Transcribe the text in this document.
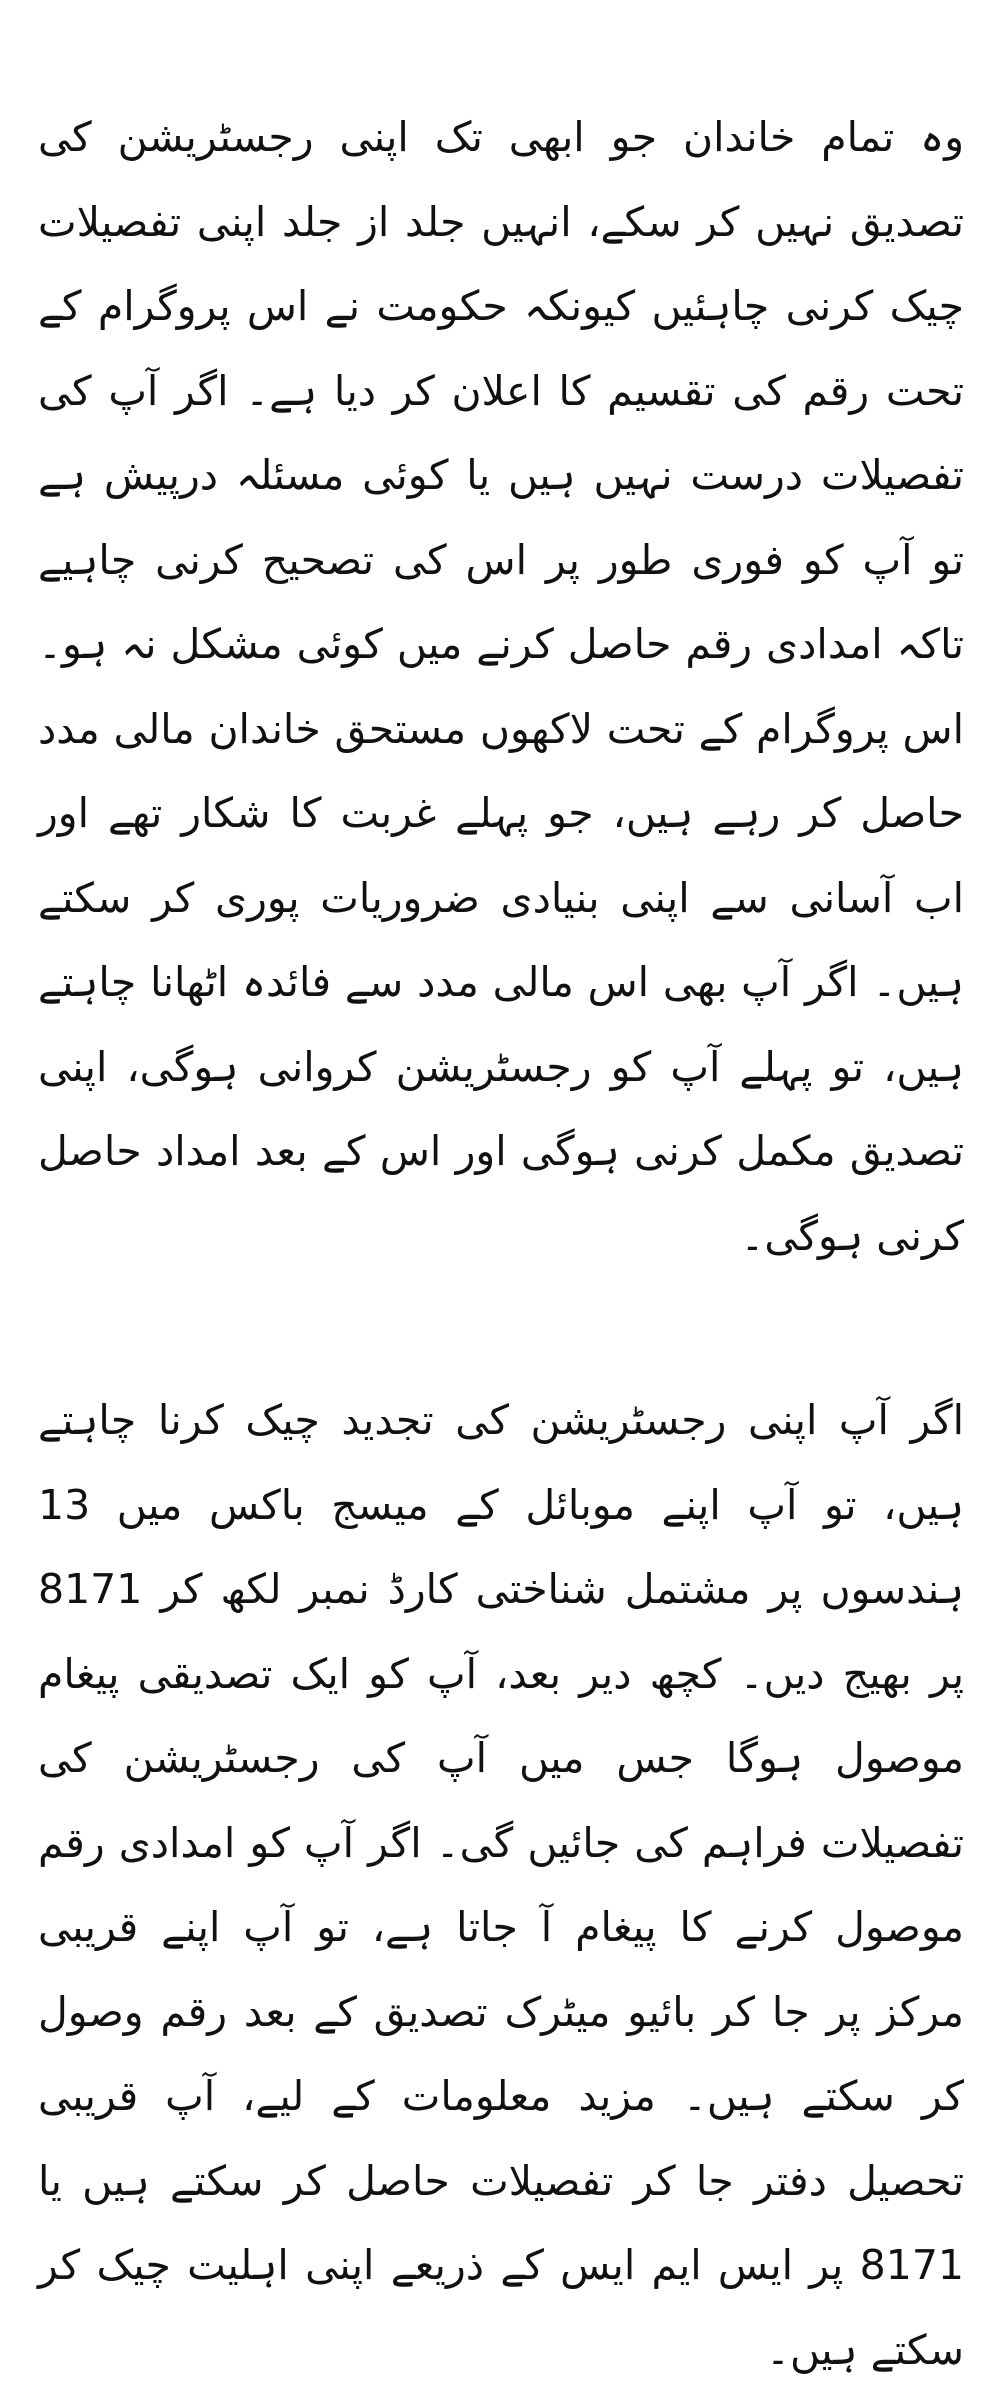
وہ تمام خاندان جو ابھی تک اپنی رجسٹریشن کی تصدیق نہیں کر سکے، انہیں جلد از جلد اپنی تفصیلات چیک کرنی چاہئیں کیونکہ حکومت نے اس پروگرام کے تحت رقم کی تقسیم کا اعلان کر دیا ہے۔ اگر آپ کی تفصیلات درست نہیں ہیں یا کوئی مسئلہ درپیش ہے تو آپ کو فوری طور پر اس کی تصحیح کرنی چاہیے تاکہ امدادی رقم حاصل کرنے میں کوئی مشکل نہ ہو۔ اس پروگرام کے تحت لاکھوں مستحق خاندان مالی مدد حاصل کر رہے ہیں، جو پہلے غربت کا شکار تھے اور اب آسانی سے اپنی بنیادی ضروریات پوری کر سکتے ہیں۔ اگر آپ بھی اس مالی مدد سے فائدہ اٹھانا چاہتے ہیں، تو پہلے آپ کو رجسٹریشن کروانی ہوگی، اپنی تصدیق مکمل کرنی ہوگی اور اس کے بعد امداد حاصل کرنی ہوگی۔

اگر آپ اپنی رجسٹریشن کی تجدید چیک کرنا چاہتے ہیں، تو آپ اپنے موبائل کے میسج باکس میں 13 ہندسوں پر مشتمل شناختی کارڈ نمبر لکھ کر 8171 پر بھیج دیں۔ کچھ دیر بعد، آپ کو ایک تصدیقی پیغام موصول ہوگا جس میں آپ کی رجسٹریشن کی تفصیلات فراہم کی جائیں گی۔ اگر آپ کو امدادی رقم موصول کرنے کا پیغام آ جاتا ہے، تو آپ اپنے قریبی مرکز پر جا کر بائیو میٹرک تصدیق کے بعد رقم وصول کر سکتے ہیں۔ مزید معلومات کے لیے، آپ قریبی تحصیل دفتر جا کر تفصیلات حاصل کر سکتے ہیں یا 8171 پر ایس ایم ایس کے ذریعے اپنی اہلیت چیک کر سکتے ہیں۔
